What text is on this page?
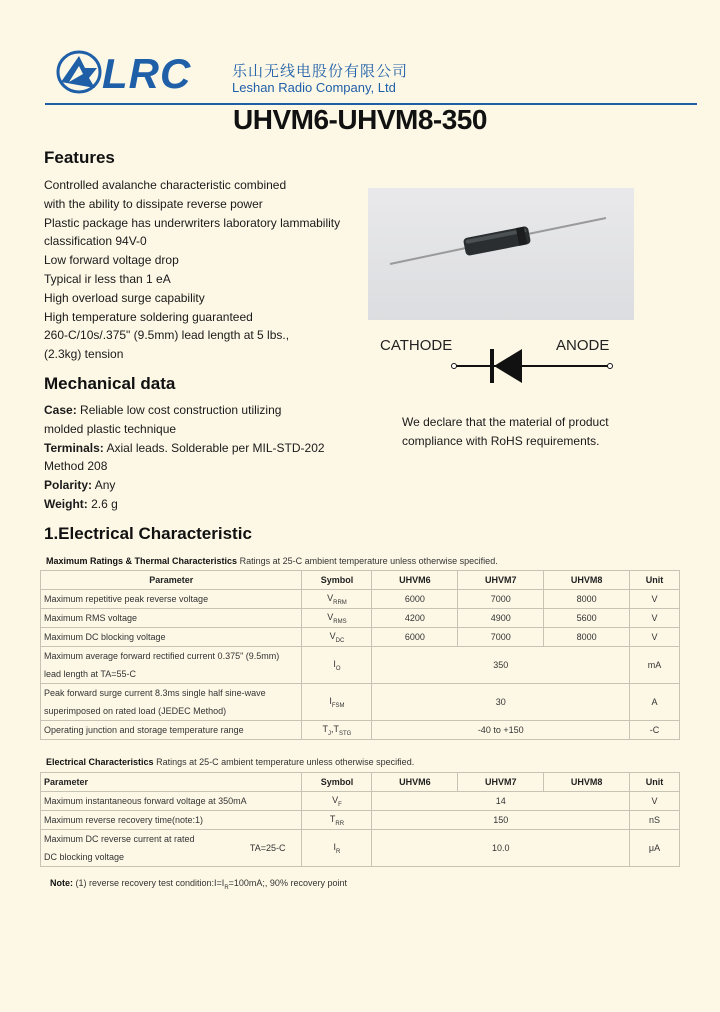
LRC	乐山无线电股份有限公司
Leshan Radio Company, Ltd
UHVM6-UHVM8-350
Features
Controlled avalanche characteristic combined
with the ability to dissipate reverse power
Plastic package has underwriters laboratory lammability
classification 94V-0
Low forward voltage drop
Typical ir less than 1 eA
High overload surge capability
High temperature soldering guaranteed
260-C/10s/.375" (9.5mm) lead length at 5 lbs.,
(2.3kg) tension
CATHODE	ANODE
Mechanical data
Case: Reliable low cost construction utilizing
molded plastic technique
Terminals: Axial leads. Solderable per MIL-STD-202
Method 208
Polarity: Any
Weight: 2.6 g
We declare that the material of product
compliance with RoHS requirements.
1.Electrical Characteristic
Maximum Ratings & Thermal Characteristics Ratings at 25-C ambient temperature unless otherwise specified.
Parameter	Symbol	UHVM6	UHVM7	UHVM8	Unit
Maximum repetitive peak reverse voltage	$V_{RRM}$	6000	7000	8000	V
Maximum RMS voltage	$V_{RMS}$	4200	4900	5600	V
Maximum DC blocking voltage	$V_{DC}$	6000	7000	8000	V

Maximum average forward rectified current 0.375" (9.5mm)
lead length at TA=55-C	$I_O$	350			mA

Peak forward surge current 8.3ms single half sine-wave
superimposed on rated load (JEDEC Method)	$I_{FSM}$	30			A
Operating junction and storage temperature range	$T_J,T_{STG}$	-40 to +150			-C
Electrical Characteristics Ratings at 25-C ambient temperature unless otherwise specified.
Parameter	Symbol	UHVM6	UHVM7	UHVM8	Unit
Maximum instantaneous forward voltage at 350mA	$V_F$	14			V
Maximum reverse recovery time(note:1)	$T_{RR}$	150			nS

Maximum DC reverse current at rated
DC blocking voltage
TA=25-C	$I_R$	10.0			μA
Note: (1) reverse recovery test $condition:I=I_R=100mA$;, 90% recovery point
